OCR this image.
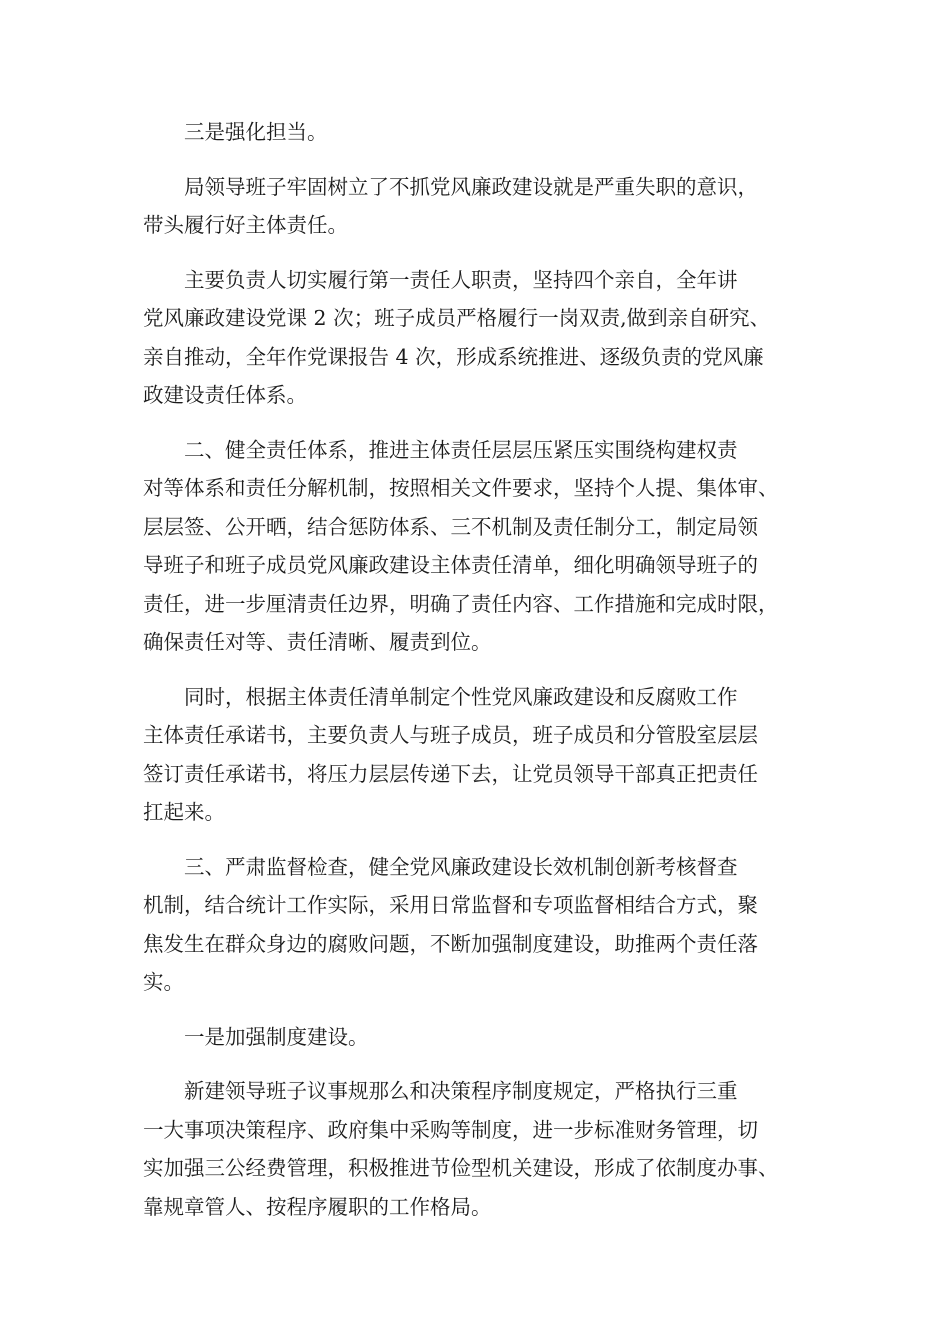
三是强化担当。

局领导班子牢固树立了不抓党风廉政建设就是严重失职的意识，
带头履行好主体责任。

主要负责人切实履行第一责任人职责，坚持四个亲自，全年讲
党风廉政建设党课 2 次；班子成员严格履行一岗双责,做到亲自研究、
亲自推动，全年作党课报告 4 次，形成系统推进、逐级负责的党风廉
政建设责任体系。

二、健全责任体系，推进主体责任层层压紧压实围绕构建权责
对等体系和责任分解机制，按照相关文件要求，坚持个人提、集体审、
层层签、公开晒，结合惩防体系、三不机制及责任制分工，制定局领
导班子和班子成员党风廉政建设主体责任清单，细化明确领导班子的
责任，进一步厘清责任边界，明确了责任内容、工作措施和完成时限，
确保责任对等、责任清晰、履责到位。

同时，根据主体责任清单制定个性党风廉政建设和反腐败工作
主体责任承诺书，主要负责人与班子成员，班子成员和分管股室层层
签订责任承诺书，将压力层层传递下去，让党员领导干部真正把责任
扛起来。

三、严肃监督检查，健全党风廉政建设长效机制创新考核督查
机制，结合统计工作实际，采用日常监督和专项监督相结合方式，聚
焦发生在群众身边的腐败问题，不断加强制度建设，助推两个责任落
实。

一是加强制度建设。

新建领导班子议事规那么和决策程序制度规定，严格执行三重
一大事项决策程序、政府集中采购等制度，进一步标准财务管理，切
实加强三公经费管理，积极推进节俭型机关建设，形成了依制度办事、
靠规章管人、按程序履职的工作格局。
